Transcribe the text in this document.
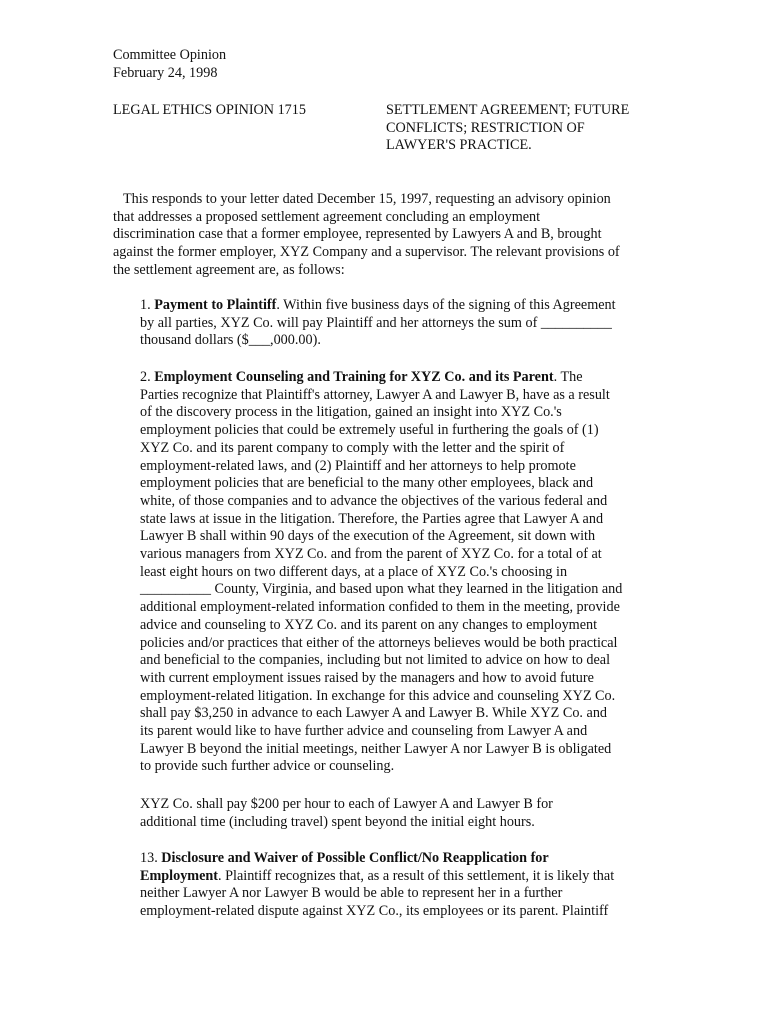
Committee Opinion
February 24, 1998
LEGAL ETHICS OPINION 1715	SETTLEMENT AGREEMENT; FUTURE
CONFLICTS; RESTRICTION OF
LAWYER'S PRACTICE.
This responds to your letter dated December 15, 1997, requesting an advisory opinion
that addresses a proposed settlement agreement concluding an employment
discrimination case that a former employee, represented by Lawyers A and B, brought
against the former employer, XYZ Company and a supervisor. The relevant provisions of
the settlement agreement are, as follows:
1. Payment to Plaintiff. Within five business days of the signing of this Agreement
by all parties, XYZ Co. will pay Plaintiff and her attorneys the sum of __________
thousand dollars ($___,000.00).
2. Employment Counseling and Training for XYZ Co. and its Parent. The
Parties recognize that Plaintiff's attorney, Lawyer A and Lawyer B, have as a result
of the discovery process in the litigation, gained an insight into XYZ Co.'s
employment policies that could be extremely useful in furthering the goals of (1)
XYZ Co. and its parent company to comply with the letter and the spirit of
employment-related laws, and (2) Plaintiff and her attorneys to help promote
employment policies that are beneficial to the many other employees, black and
white, of those companies and to advance the objectives of the various federal and
state laws at issue in the litigation. Therefore, the Parties agree that Lawyer A and
Lawyer B shall within 90 days of the execution of the Agreement, sit down with
various managers from XYZ Co. and from the parent of XYZ Co. for a total of at
least eight hours on two different days, at a place of XYZ Co.'s choosing in
__________ County, Virginia, and based upon what they learned in the litigation and
additional employment-related information confided to them in the meeting, provide
advice and counseling to XYZ Co. and its parent on any changes to employment
policies and/or practices that either of the attorneys believes would be both practical
and beneficial to the companies, including but not limited to advice on how to deal
with current employment issues raised by the managers and how to avoid future
employment-related litigation. In exchange for this advice and counseling XYZ Co.
shall pay $3,250 in advance to each Lawyer A and Lawyer B. While XYZ Co. and
its parent would like to have further advice and counseling from Lawyer A and
Lawyer B beyond the initial meetings, neither Lawyer A nor Lawyer B is obligated
to provide such further advice or counseling.
XYZ Co. shall pay $200 per hour to each of Lawyer A and Lawyer B for
additional time (including travel) spent beyond the initial eight hours.
13. Disclosure and Waiver of Possible Conflict/No Reapplication for
Employment. Plaintiff recognizes that, as a result of this settlement, it is likely that
neither Lawyer A nor Lawyer B would be able to represent her in a further
employment-related dispute against XYZ Co., its employees or its parent. Plaintiff
